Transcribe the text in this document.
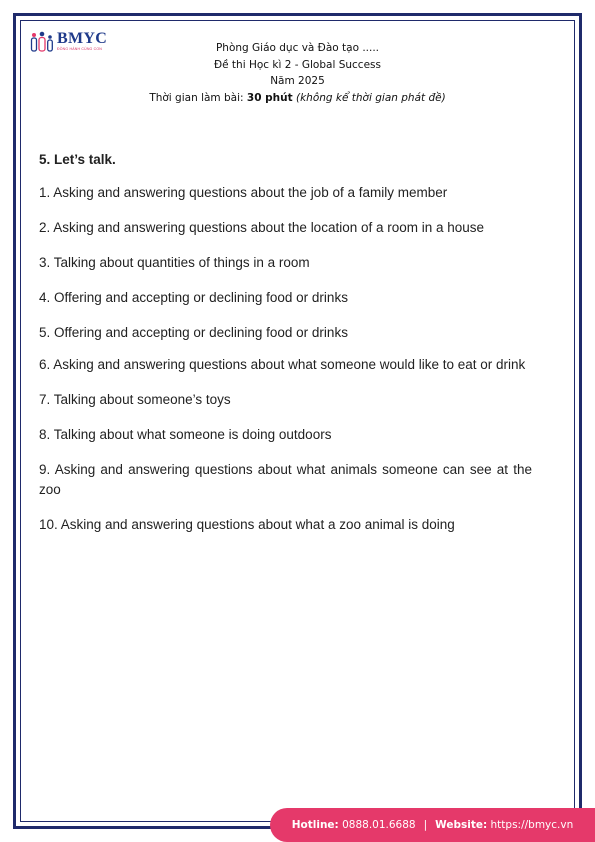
BMYC
ĐỒNG HÀNH CÙNG CON	Phòng Giáo dục và Đào tạo .....
Đề thi Học kì 2 - Global Success
Năm 2025
Thời gian làm bài: 30 phút (không kể thời gian phát đề)
5. Let’s talk.
1. Asking and answering questions about the job of a family member
2. Asking and answering questions about the location of a room in a house
3. Talking about quantities of things in a room
4. Offering and accepting or declining food or drinks
5. Offering and accepting or declining food or drinks
6. Asking and answering questions about what someone would like to eat or drink
7. Talking about someone’s toys
8. Talking about what someone is doing outdoors
9. Asking and answering questions about what animals someone can see at the zoo
10. Asking and answering questions about what a zoo animal is doing
Hotline:
0888.01.6688 | Website:
https://bmyc.vn
